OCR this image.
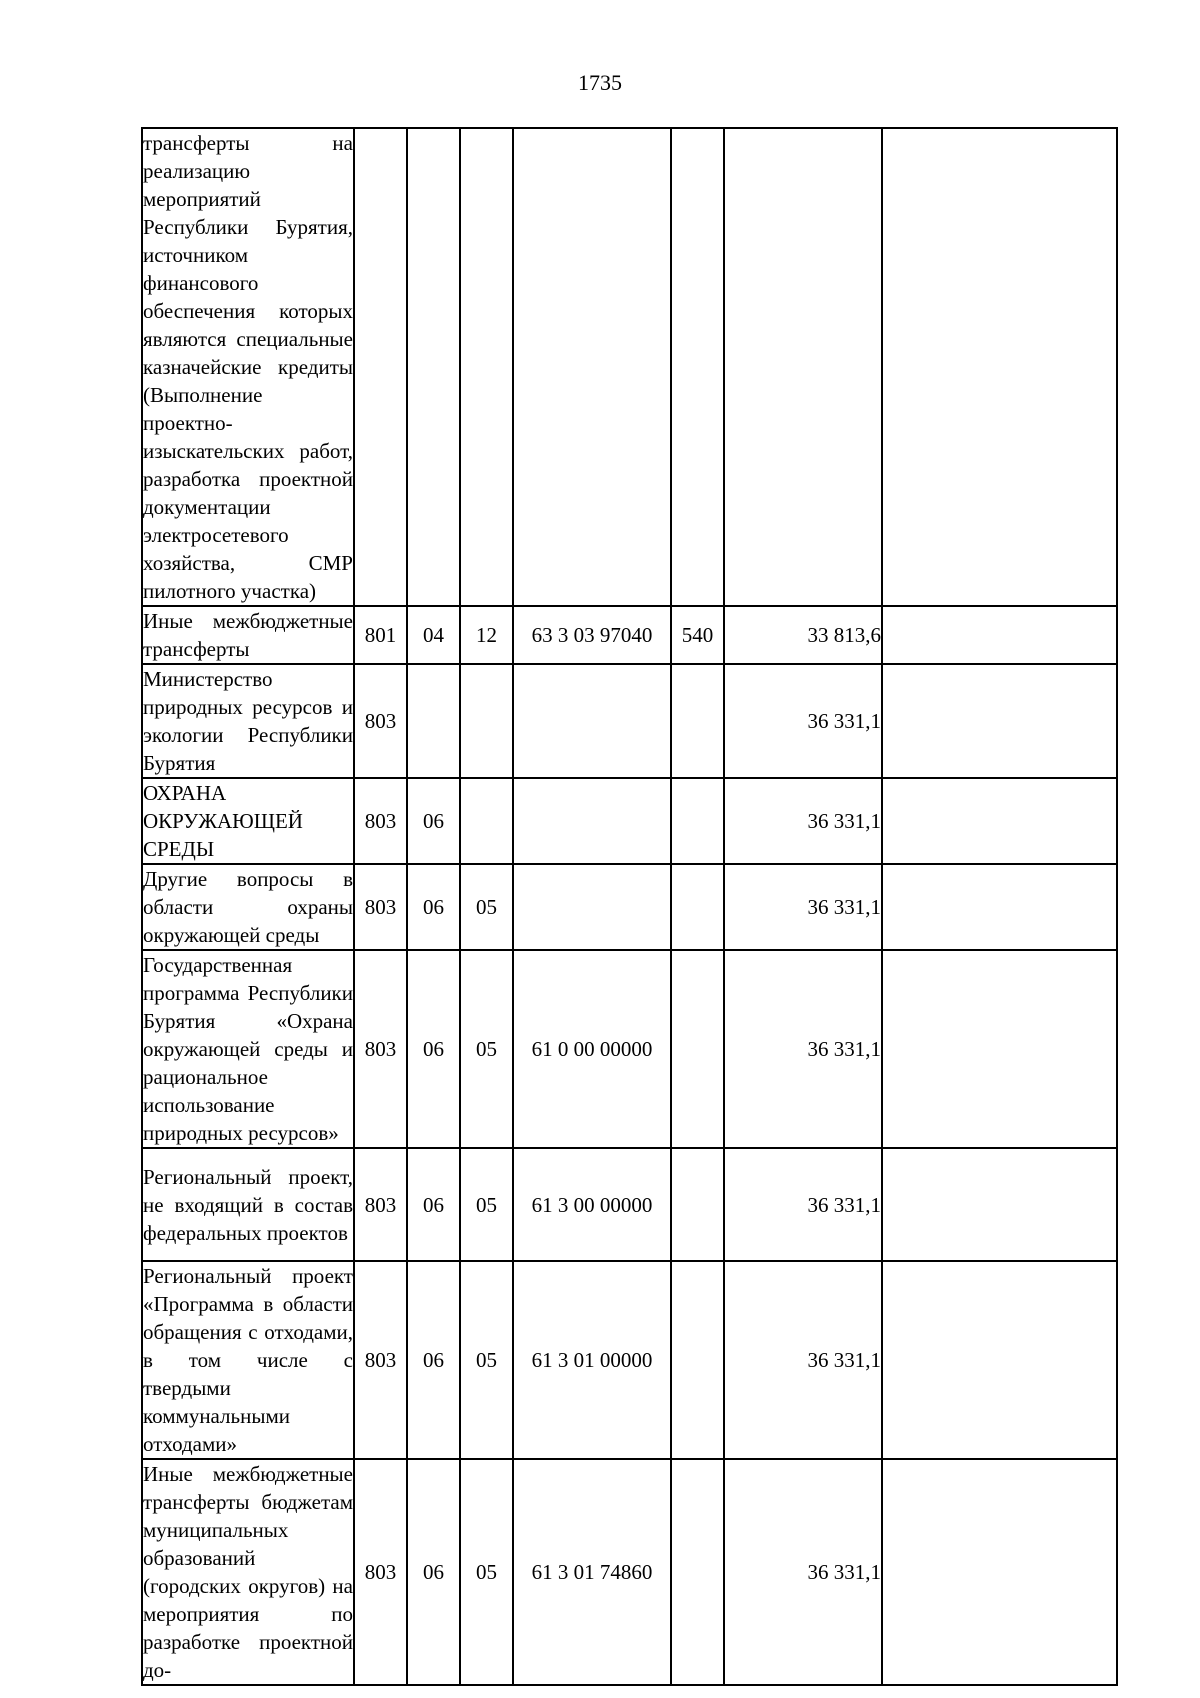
1735
трансферты на реализацию мероприятий Республики Бурятия, источником финансового обеспечения которых являются специальные казначейские кредиты (Выполнение проектно-изыскательских работ, разработка проектной документации электросетевого хозяйства, СМР пилотного участка)							
Иные межбюджетные трансферты	801	04	12	63 3 03 97040	540	33 813,6	
Министерство природных ресурсов и экологии Республики Бурятия	803					36 331,1	
ОХРАНА ОКРУЖАЮЩЕЙ СРЕДЫ	803	06				36 331,1	
Другие вопросы в области охраны окружающей среды	803	06	05			36 331,1	
Государственная программа Республики Бурятия «Охрана окружающей среды и рациональное использование природных ресурсов»	803	06	05	61 0 00 00000		36 331,1	
Региональный проект, не входящий в состав федеральных проектов	803	06	05	61 3 00 00000		36 331,1	
Региональный проект «Программа в области обращения с отходами, в том числе с твердыми коммунальными отходами»	803	06	05	61 3 01 00000		36 331,1	
Иные межбюджетные трансферты бюджетам муниципальных образований (городских округов) на мероприятия по разработке проектной до-	803	06	05	61 3 01 74860		36 331,1	
